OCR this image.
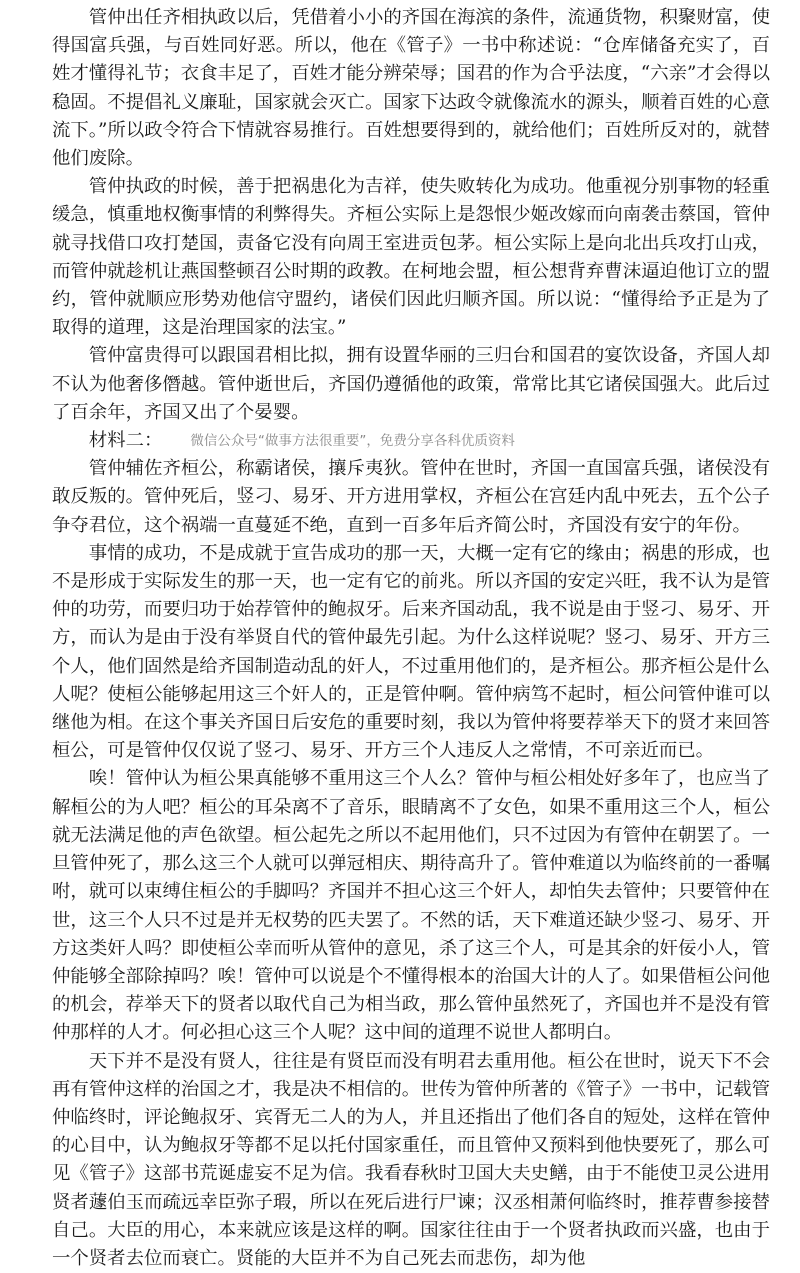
管仲出任齐相执政以后，凭借着小小的齐国在海滨的条件，流通货物，积聚财富，使得国富兵强，与百姓同好恶。所以，他在《管子》一书中称述说：“仓库储备充实了，百姓才懂得礼节；衣食丰足了，百姓才能分辨荣辱；国君的作为合乎法度，“六亲”才会得以稳固。不提倡礼义廉耻，国家就会灭亡。国家下达政令就像流水的源头，顺着百姓的心意流下。”所以政令符合下情就容易推行。百姓想要得到的，就给他们；百姓所反对的，就替他们废除。

管仲执政的时候，善于把祸患化为吉祥，使失败转化为成功。他重视分别事物的轻重缓急，慎重地权衡事情的利弊得失。齐桓公实际上是怨恨少姬改嫁而向南袭击蔡国，管仲就寻找借口攻打楚国，责备它没有向周王室进贡包茅。桓公实际上是向北出兵攻打山戎，而管仲就趁机让燕国整顿召公时期的政教。在柯地会盟，桓公想背弃曹沫逼迫他订立的盟约，管仲就顺应形势劝他信守盟约，诸侯们因此归顺齐国。所以说：“懂得给予正是为了取得的道理，这是治理国家的法宝。”

管仲富贵得可以跟国君相比拟，拥有设置华丽的三归台和国君的宴饮设备，齐国人却不认为他奢侈僭越。管仲逝世后，齐国仍遵循他的政策，常常比其它诸侯国强大。此后过了百余年，齐国又出了个晏婴。

材料二： 微信公众号“做事方法很重要”，免费分享各科优质资料

管仲辅佐齐桓公，称霸诸侯，攘斥夷狄。管仲在世时，齐国一直国富兵强，诸侯没有敢反叛的。管仲死后，竖刁、易牙、开方进用掌权，齐桓公在宫廷内乱中死去，五个公子争夺君位，这个祸端一直蔓延不绝，直到一百多年后齐简公时，齐国没有安宁的年份。

事情的成功，不是成就于宣告成功的那一天，大概一定有它的缘由；祸患的形成，也不是形成于实际发生的那一天，也一定有它的前兆。所以齐国的安定兴旺，我不认为是管仲的功劳，而要归功于始荐管仲的鲍叔牙。后来齐国动乱，我不说是由于竖刁、易牙、开方，而认为是由于没有举贤自代的管仲最先引起。为什么这样说呢？竖刁、易牙、开方三个人，他们固然是给齐国制造动乱的奸人，不过重用他们的，是齐桓公。那齐桓公是什么人呢？使桓公能够起用这三个奸人的，正是管仲啊。管仲病笃不起时，桓公问管仲谁可以继他为相。在这个事关齐国日后安危的重要时刻，我以为管仲将要荐举天下的贤才来回答桓公，可是管仲仅仅说了竖刁、易牙、开方三个人违反人之常情，不可亲近而已。

唉！管仲认为桓公果真能够不重用这三个人么？管仲与桓公相处好多年了，也应当了解桓公的为人吧？桓公的耳朵离不了音乐，眼睛离不了女色，如果不重用这三个人，桓公就无法满足他的声色欲望。桓公起先之所以不起用他们，只不过因为有管仲在朝罢了。一旦管仲死了，那么这三个人就可以弹冠相庆、期待高升了。管仲难道以为临终前的一番嘱咐，就可以束缚住桓公的手脚吗？齐国并不担心这三个奸人，却怕失去管仲；只要管仲在世，这三个人只不过是并无权势的匹夫罢了。不然的话，天下难道还缺少竖刁、易牙、开方这类奸人吗？即使桓公幸而听从管仲的意见，杀了这三个人，可是其余的奸佞小人，管仲能够全部除掉吗？唉！管仲可以说是个不懂得根本的治国大计的人了。如果借桓公问他的机会，荐举天下的贤者以取代自己为相当政，那么管仲虽然死了，齐国也并不是没有管仲那样的人才。何必担心这三个人呢？这中间的道理不说世人都明白。

天下并不是没有贤人，往往是有贤臣而没有明君去重用他。桓公在世时，说天下不会再有管仲这样的治国之才，我是决不相信的。世传为管仲所著的《管子》一书中，记载管仲临终时，评论鲍叔牙、宾胥无二人的为人，并且还指出了他们各自的短处，这样在管仲的心目中，认为鲍叔牙等都不足以托付国家重任，而且管仲又预料到他快要死了，那么可见《管子》这部书荒诞虚妄不足为信。我看春秋时卫国大夫史鳝，由于不能使卫灵公进用贤者蘧伯玉而疏远幸臣弥子瑕，所以在死后进行尸谏；汉丞相萧何临终时，推荐曹参接替自己。大臣的用心，本来就应该是这样的啊。国家往往由于一个贤者执政而兴盛，也由于一个贤者去位而衰亡。贤能的大臣并不为自己死去而悲伤，却为他
